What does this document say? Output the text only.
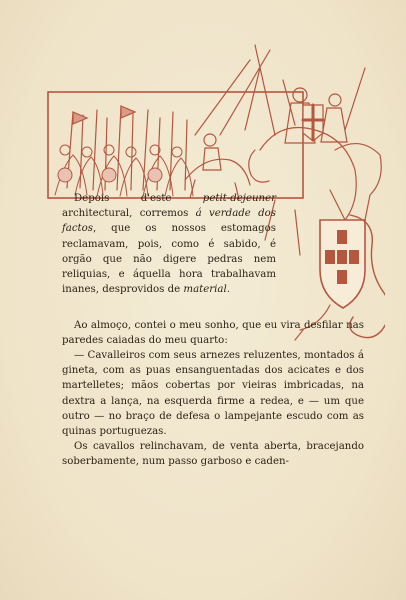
Depois d'este petit-dejeuner architectural, corremos á verdade dos factos, que os nossos estomagos reclamavam, pois, como é sabido, é orgão que não digere pedras nem reliquias, e áquella hora trabalhavam inanes, desprovidos de material.

Ao almoço, contei o meu sonho, que eu vira desfilar nas paredes caiadas do meu quarto:

— Cavalleiros com seus arnezes reluzentes, montados á gineta, com as puas ensanguentadas dos acicates e dos martelletes; mãos cobertas por vieiras imbricadas, na dextra a lança, na esquerda firme a redea, e — um que outro — no braço de defesa o lampejante escudo com as quinas portuguezas.

Os cavallos relinchavam, de venta aberta, bracejando soberbamente, num passo garboso e caden-
